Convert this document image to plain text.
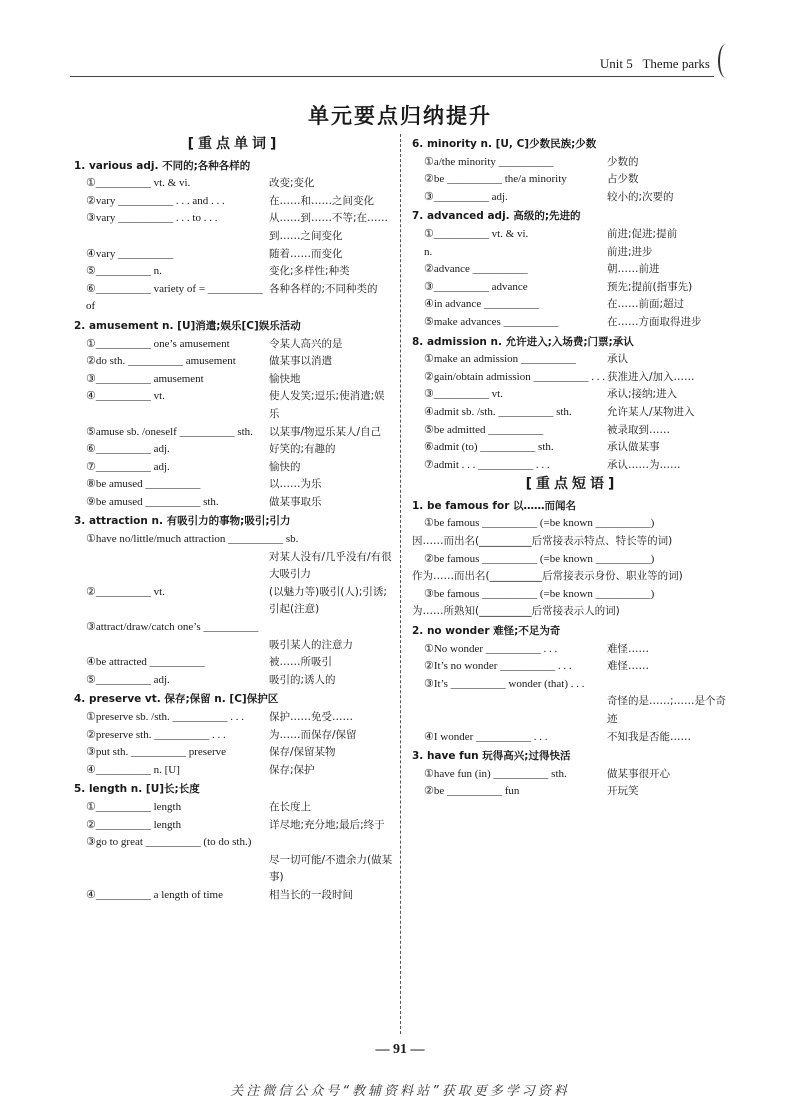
Unit 5 Theme parks
单元要点归纳提升
[重点单词]
1. various adj. 不同的;各种各样的
①__________ vt. & vi.	改变;变化
②vary __________ . . . and . . .	在……和……之间变化
③vary __________ . . . to . . .	从……到……不等;在……到……之间变化
④vary __________	随着……而变化
⑤__________ n.	变化;多样性;种类
⑥__________ variety of = __________ of
各种各样的;不同种类的
2. amusement n. [U]消遣;娱乐[C]娱乐活动
①__________ one’s amusement	令某人高兴的是
②do sth. __________ amusement	做某事以消遣
③__________ amusement	愉快地
④__________ vt.	使人发笑;逗乐;使消遣;娱乐
⑤amuse sb. /oneself __________ sth.	以某事/物逗乐某人/自己
⑥__________ adj.	好笑的;有趣的
⑦__________ adj.	愉快的
⑧be amused __________	以……为乐
⑨be amused __________ sth.	做某事取乐
3. attraction n. 有吸引力的事物;吸引;引力
①have no/little/much attraction __________ sb.
对某人没有/几乎没有/有很大吸引力
②__________ vt.	(以魅力等)吸引(人);引诱;引起(注意)
③attract/draw/catch one’s __________
吸引某人的注意力
④be attracted __________	被……所吸引
⑤__________ adj.	吸引的;诱人的
4. preserve vt. 保存;保留 n. [C]保护区
①preserve sb. /sth. __________ . . .	保护……免受……
②preserve sth. __________ . . .	为……而保存/保留
③put sth. __________ preserve	保存/保留某物
④__________ n. [U]	保存;保护
5. length n. [U]长;长度
①__________ length	在长度上
②__________ length	详尽地;充分地;最后;终于
③go to great __________ (to do sth.)
尽一切可能/不遗余力(做某事)
④__________ a length of time	相当长的一段时间
6. minority n. [U, C]少数民族;少数
①a/the minority __________	少数的
②be __________ the/a minority	占少数
③__________ adj.	较小的;次要的
7. advanced adj. 高级的;先进的
①__________ vt. & vi.	前进;促进;提前
n.	前进;进步
②advance __________	朝……前进
③__________ advance	预先;提前(指事先)
④in advance __________	在……前面;超过
⑤make advances __________	在……方面取得进步
8. admission n. 允许进入;入场费;门票;承认
①make an admission __________	承认
②gain/obtain admission __________ . . . 获准进入/加入……
③__________ vt.	承认;接纳;进入
④admit sb. /sth. __________ sth.	允许某人/某物进入
⑤be admitted __________	被录取到……
⑥admit (to) __________ sth.	承认做某事
⑦admit . . . __________ . . .	承认……为……
[重点短语]
1. be famous for 以……而闻名
①be famous __________ (=be known __________)
因……而出名(__________后常接表示特点、特长等的词)
②be famous __________ (=be known __________)
作为……而出名(__________后常接表示身份、职业等的词)
③be famous __________ (=be known __________)
为……所熟知(__________后常接表示人的词)
2. no wonder 难怪;不足为奇
①No wonder __________ . . .	难怪……
②It’s no wonder __________ . . .	难怪……
③It’s __________ wonder (that) . . .
奇怪的是……;……是个奇迹
④I wonder __________ . . .	不知我是否能……
3. have fun 玩得高兴;过得快活
①have fun (in) __________ sth.	做某事很开心
②be __________ fun	开玩笑
— 91 —
关注微信公众号“教辅资料站”获取更多学习资料
